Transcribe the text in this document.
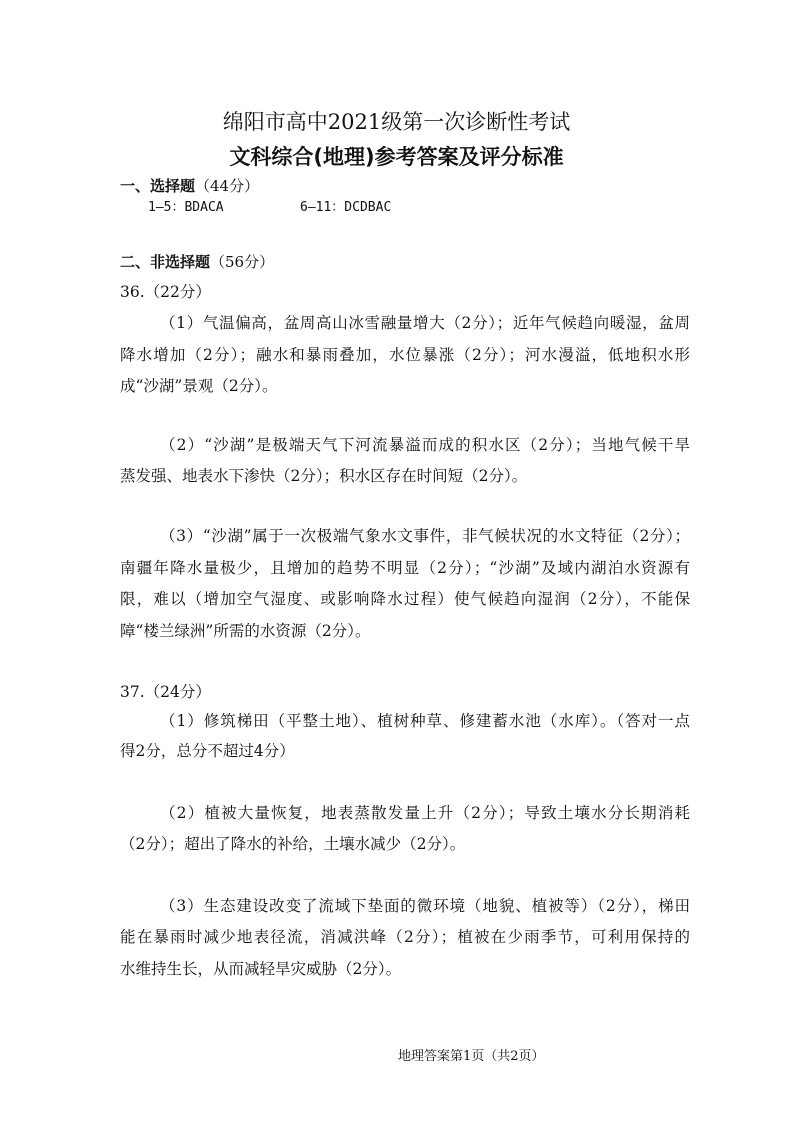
绵阳市高中2021级第一次诊断性考试
文科综合(地理)参考答案及评分标准
一、选择题（44分）
1—5：BDACA	6—11：DCDBAC
二、非选择题（56分）
36.（22分）
（1）气温偏高，盆周高山冰雪融量增大（2分）；近年气候趋向暖湿，盆周
降水增加（2分）；融水和暴雨叠加，水位暴涨（2分）；河水漫溢，低地积水形
成“沙湖”景观（2分）。
（2）“沙湖”是极端天气下河流暴溢而成的积水区（2分）；当地气候干旱
蒸发强、地表水下渗快（2分）；积水区存在时间短（2分）。
（3）“沙湖”属于一次极端气象水文事件，非气候状况的水文特征（2分）；
南疆年降水量极少，且增加的趋势不明显（2分）；“沙湖”及域内湖泊水资源有
限，难以（增加空气湿度、或影响降水过程）使气候趋向湿润（2分），不能保
障“楼兰绿洲”所需的水资源（2分）。
37.（24分）
（1）修筑梯田（平整土地）、植树种草、修建蓄水池（水库）。（答对一点
得2分，总分不超过4分）
（2）植被大量恢复，地表蒸散发量上升（2分）；导致土壤水分长期消耗
（2分）；超出了降水的补给，土壤水减少（2分）。
（3）生态建设改变了流域下垫面的微环境（地貌、植被等）（2分），梯田
能在暴雨时减少地表径流，消减洪峰（2分）；植被在少雨季节，可利用保持的
水维持生长，从而减轻旱灾威胁（2分）。
地理答案第1页（共2页）
